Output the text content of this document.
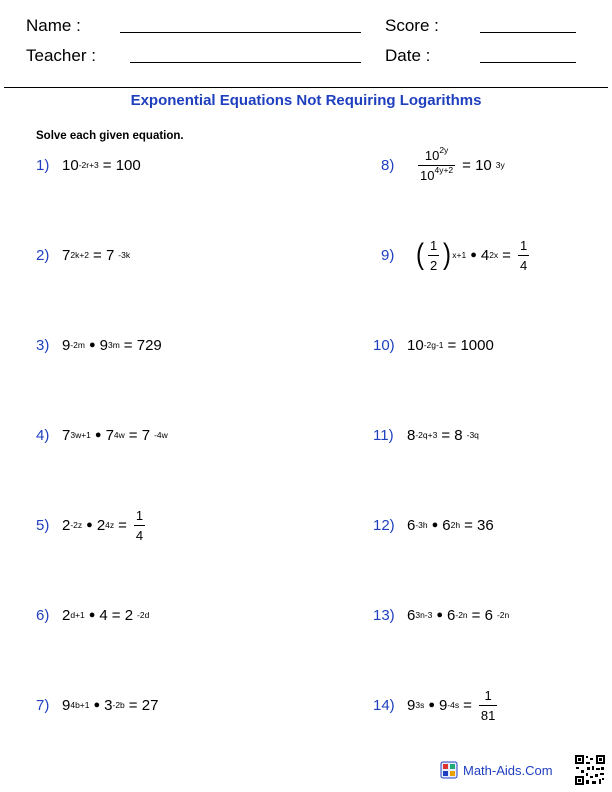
Name :
Teacher :
Score :
Date :
Exponential Equations Not Requiring Logarithms
Solve each given equation.
1) 10 -2r+3 = 100
2) 7 2k+2 = 7 -3k
3) 9 -2m ● 9 3m = 729
4) 7 3w+1 ● 7 4w = 7 -4w
5) 2 -2z ● 2 $4z = \frac{1}{4}$
6) 2 d+1 ● 4 = 2 -2d
7) 9 4b+1 ● 3 -2b = 27
8)	$\frac{10^{2y}}{10^{4y+2}} = 10$ 3y
9) ( $\frac{1}{2}$ ) x+1 ● 4 $2x = \frac{1}{4}$
10) 10 -2g-1 = 1000
11) 8 -2q+3 = 8 -3q
12) 6 -3h ● 6 2h = 36
13) 6 3n-3 ● 6 -2n = 6 -2n
14) 9 3s ● 9 $-4s = \frac{1}{81}$
Math-Aids.Com
